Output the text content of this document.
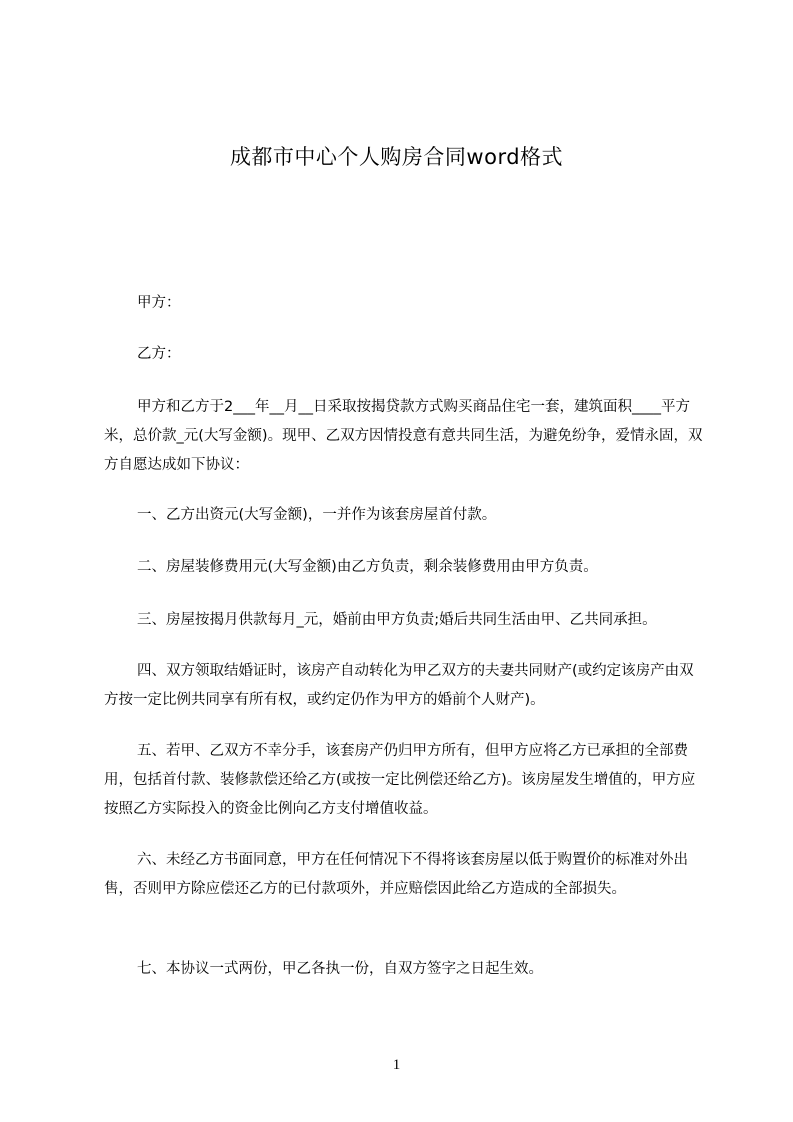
成都市中心个人购房合同word格式
甲方：
乙方：
甲方和乙方于2___年__月__日采取按揭贷款方式购买商品住宅一套，建筑面积____平方米，总价款_元(大写金额)。现甲、乙双方因情投意有意共同生活，为避免纷争，爱情永固，双方自愿达成如下协议：
一、乙方出资元(大写金额)，一并作为该套房屋首付款。
二、房屋装修费用元(大写金额)由乙方负责，剩余装修费用由甲方负责。
三、房屋按揭月供款每月_元，婚前由甲方负责;婚后共同生活由甲、乙共同承担。
四、双方领取结婚证时，该房产自动转化为甲乙双方的夫妻共同财产(或约定该房产由双方按一定比例共同享有所有权，或约定仍作为甲方的婚前个人财产)。
五、若甲、乙双方不幸分手，该套房产仍归甲方所有，但甲方应将乙方已承担的全部费用，包括首付款、装修款偿还给乙方(或按一定比例偿还给乙方)。该房屋发生增值的，甲方应按照乙方实际投入的资金比例向乙方支付增值收益。
六、未经乙方书面同意，甲方在任何情况下不得将该套房屋以低于购置价的标准对外出售，否则甲方除应偿还乙方的已付款项外，并应赔偿因此给乙方造成的全部损失。
七、本协议一式两份，甲乙各执一份，自双方签字之日起生效。
1
